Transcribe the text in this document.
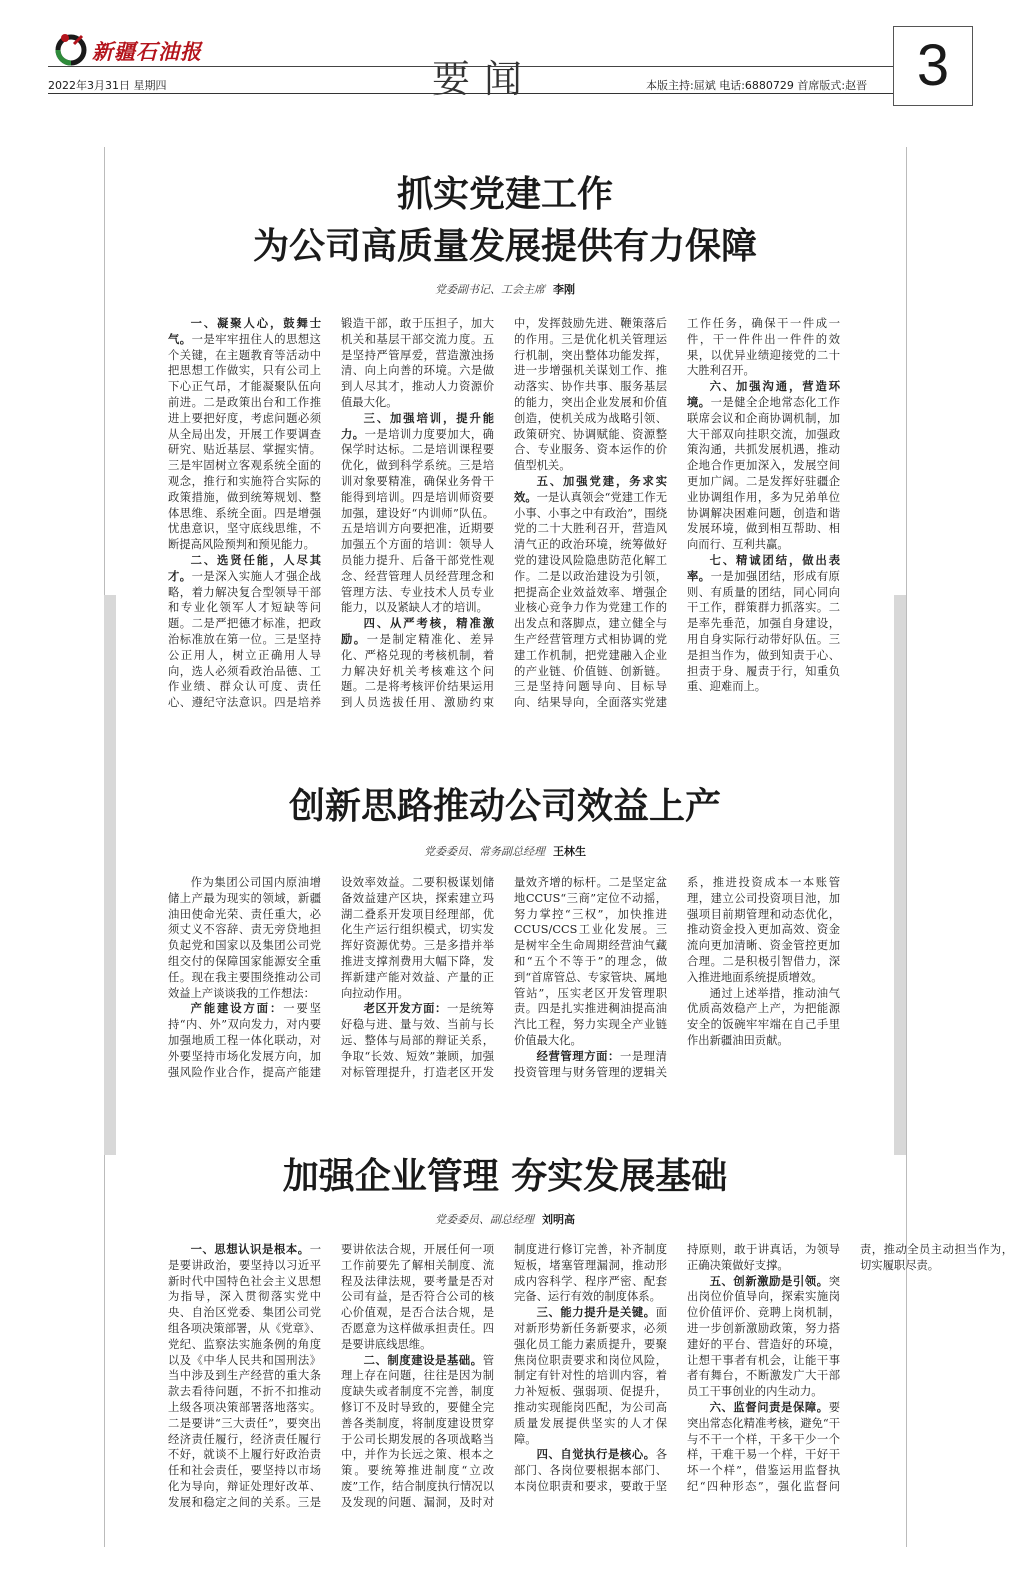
新疆石油报
要闻
2022年3月31日 星期四	本版主持:屈斌 电话:6880729 首席版式:赵晋 3
抓实党建工作
为公司高质量发展提供有力保障
党委副书记、工会主席 李刚

一、凝聚人心，鼓舞士气。一是牢牢扭住人的思想这个关键，在主题教育等活动中把思想工作做实，只有公司上下心正气昂，才能凝聚队伍向前进。二是政策出台和工作推进上要把好度，考虑问题必须从全局出发，开展工作要调查研究、贴近基层、掌握实情。三是牢固树立客观系统全面的观念，推行和实施符合实际的政策措施，做到统筹规划、整体思维、系统全面。四是增强忧患意识，坚守底线思维，不断提高风险预判和预见能力。

二、选贤任能，人尽其才。一是深入实施人才强企战略，着力解决复合型领导干部和专业化领军人才短缺等问题。二是严把德才标准，把政治标准放在第一位。三是坚持公正用人，树立正确用人导向，选人必须看政治品德、工作业绩、群众认可度、责任心、遵纪守法意识。四是培养锻造干部，敢于压担子，加大机关和基层干部交流力度。五是坚持严管厚爱，营造激浊扬清、向上向善的环境。六是做到人尽其才，推动人力资源价值最大化。

三、加强培训，提升能力。一是培训力度要加大，确保学时达标。二是培训课程要优化，做到科学系统。三是培训对象要精准，确保业务骨干能得到培训。四是培训师资要加强，建设好“内训师”队伍。五是培训方向要把准，近期要加强五个方面的培训：领导人员能力提升、后备干部党性观念、经营管理人员经营理念和管理方法、专业技术人员专业能力，以及紧缺人才的培训。

四、从严考核，精准激励。一是制定精准化、差异化、严格兑现的考核机制，着力解决好机关考核难这个问题。二是将考核评价结果运用到人员选拔任用、激励约束中，发挥鼓励先进、鞭策落后的作用。三是优化机关管理运行机制，突出整体功能发挥，进一步增强机关谋划工作、推动落实、协作共事、服务基层的能力，突出企业发展和价值创造，使机关成为战略引领、政策研究、协调赋能、资源整合、专业服务、资本运作的价值型机关。

五、加强党建，务求实效。一是认真领会“党建工作无小事、小事之中有政治”，围绕党的二十大胜利召开，营造风清气正的政治环境，统筹做好党的建设风险隐患防范化解工作。二是以政治建设为引领，把提高企业效益效率、增强企业核心竞争力作为党建工作的出发点和落脚点，建立健全与生产经营管理方式相协调的党建工作机制，把党建融入企业的产业链、价值链、创新链。三是坚持问题导向、目标导向、结果导向，全面落实党建工作任务，确保干一件成一件，干一件件出一件件的效果，以优异业绩迎接党的二十大胜利召开。

六、加强沟通，营造环境。一是健全企地常态化工作联席会议和企商协调机制，加大干部双向挂职交流，加强政策沟通，共抓发展机遇，推动企地合作更加深入，发展空间更加广阔。二是发挥好驻疆企业协调组作用，多为兄弟单位协调解决困难问题，创造和谐发展环境，做到相互帮助、相向而行、互利共赢。

七、精诚团结，做出表率。一是加强团结，形成有原则、有质量的团结，同心同向干工作，群策群力抓落实。二是率先垂范，加强自身建设，用自身实际行动带好队伍。三是担当作为，做到知责于心、担责于身、履责于行，知重负重、迎难而上。

创新思路推动公司效益上产
党委委员、常务副总经理 王林生

作为集团公司国内原油增储上产最为现实的领域，新疆油田使命光荣、责任重大，必须丈义不容辞、责无旁贷地担负起党和国家以及集团公司党组交付的保障国家能源安全重任。现在我主要围绕推动公司效益上产谈谈我的工作想法：

产能建设方面：一要坚持“内、外”双向发力，对内要加强地质工程一体化联动，对外要坚持市场化发展方向，加强风险作业合作，提高产能建设效率效益。二要积极谋划储备效益建产区块，探索建立玛湖二叠系开发项目经理部，优化生产运行组织模式，切实发挥好资源优势。三是多措并举推进支撑剂费用大幅下降，发挥新建产能对效益、产量的正向拉动作用。

老区开发方面：一是统筹好稳与进、量与效、当前与长远、整体与局部的辩证关系，争取“长效、短效”兼顾，加强对标管理提升，打造老区开发量效齐增的标杆。二是坚定盆地CCUS“三商”定位不动摇，努力掌控“三权”，加快推进CCUS/CCS工业化发展。三是树牢全生命周期经营油气藏和“五个不等于”的理念，做到“首席管总、专家管块、属地管站”，压实老区开发管理职责。四是扎实推进稠油提高油汽比工程，努力实现全产业链价值最大化。

经营管理方面：一是理清投资管理与财务管理的逻辑关系，推进投资成本一本账管理，建立公司投资项目池，加强项目前期管理和动态优化，推动资金投入更加高效、资金流向更加清晰、资金管控更加合理。二是积极引智借力，深入推进地面系统提质增效。

通过上述举措，推动油气优质高效稳产上产，为把能源安全的饭碗牢牢端在自己手里作出新疆油田贡献。

加强企业管理 夯实发展基础
党委委员、副总经理 刘明高

一、思想认识是根本。一是要讲政治，要坚持以习近平新时代中国特色社会主义思想为指导，深入贯彻落实党中央、自治区党委、集团公司党组各项决策部署，从《党章》、党纪、监察法实施条例的角度以及《中华人民共和国刑法》当中涉及到生产经营的重大条款去看待问题，不折不扣推动上级各项决策部署落地落实。二是要讲“三大责任”，要突出经济责任履行，经济责任履行不好，就谈不上履行好政治责任和社会责任，要坚持以市场化为导向，辩证处理好改革、发展和稳定之间的关系。三是要讲依法合规，开展任何一项工作前要先了解相关制度、流程及法律法规，要考量是否对公司有益，是否符合公司的核心价值观，是否合法合规，是否愿意为这样做承担责任。四是要讲底线思维。

二、制度建设是基础。管理上存在问题，往往是因为制度缺失或者制度不完善，制度修订不及时导致的，要健全完善各类制度，将制度建设贯穿于公司长期发展的各项战略当中，并作为长远之策、根本之策。要统筹推进制度“立改废”工作，结合制度执行情况以及发现的问题、漏洞，及时对制度进行修订完善，补齐制度短板，堵塞管理漏洞，推动形成内容科学、程序严密、配套完备、运行有效的制度体系。

三、能力提升是关键。面对新形势新任务新要求，必须强化员工能力素质提升，要聚焦岗位职责要求和岗位风险，制定有针对性的培训内容，着力补短板、强弱项、促提升，推动实现能岗匹配，为公司高质量发展提供坚实的人才保障。

四、自觉执行是核心。各部门、各岗位要根据本部门、本岗位职责和要求，要敢于坚持原则，敢于讲真话，为领导正确决策做好支撑。

五、创新激励是引领。突出岗位价值导向，探索实施岗位价值评价、竞聘上岗机制，进一步创新激励政策，努力搭建好的平台、营造好的环境，让想干事者有机会，让能干事者有舞台，不断激发广大干部员工干事创业的内生动力。

六、监督问责是保障。要突出常态化精准考核，避免“干与不干一个样，干多干少一个样，干难干易一个样，干好干坏一个样”，借鉴运用监督执纪“四种形态”，强化监督问责，推动全员主动担当作为，切实履职尽责。
